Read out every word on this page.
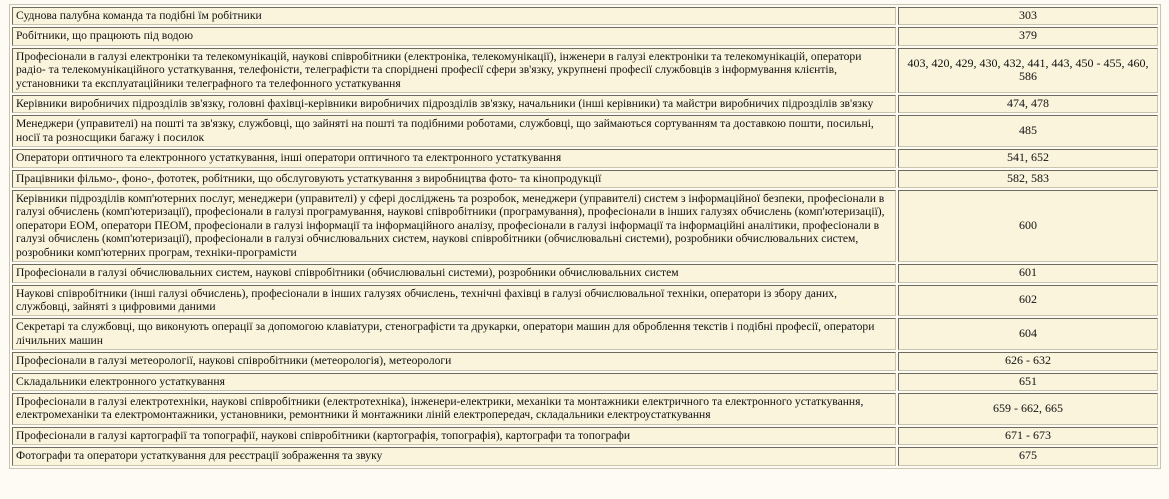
Суднова палубна команда та подібні їм робітники	303
Робітники, що працюють під водою	379
Професіонали в галузі електроніки та телекомунікацій, наукові співробітники (електроніка, телекомунікації), інженери в галузі електроніки та телекомунікацій, оператори радіо- та телекомунікаційного устаткування, телефоністи, телеграфісти та споріднені професії сфери зв'язку, укрупнені професії службовців з інформування клієнтів, установники та експлуатаційники телеграфного та телефонного устаткування	403, 420, 429, 430, 432, 441, 443, 450 - 455, 460, 586
Керівники виробничих підрозділів зв'язку, головні фахівці-керівники виробничих підрозділів зв'язку, начальники (інші керівники) та майстри виробничих підрозділів зв'язку	474, 478
Менеджери (управителі) на пошті та зв'язку, службовці, що зайняті на пошті та подібними роботами, службовці, що займаються сортуванням та доставкою пошти, посильні, носії та розносщики багажу і посилок	485
Оператори оптичного та електронного устаткування, інші оператори оптичного та електронного устаткування	541, 652
Працівники фільмо-, фоно-, фототек, робітники, що обслуговують устаткування з виробництва фото- та кінопродукції	582, 583
Керівники підрозділів комп'ютерних послуг, менеджери (управителі) у сфері досліджень та розробок, менеджери (управителі) систем з інформаційної безпеки, професіонали в галузі обчислень (комп'ютеризації), професіонали в галузі програмування, наукові співробітники (програмування), професіонали в інших галузях обчислень (комп'ютеризації), оператори ЕОМ, оператори ПЕОМ, професіонали в галузі інформації та інформаційного аналізу, професіонали в галузі інформації та інформаційні аналітики, професіонали в галузі обчислень (комп'ютеризації), професіонали в галузі обчислювальних систем, наукові співробітники (обчислювальні системи), розробники обчислювальних систем, розробники комп'ютерних програм, техніки-програмісти	600
Професіонали в галузі обчислювальних систем, наукові співробітники (обчислювальні системи), розробники обчислювальних систем	601
Наукові співробітники (інші галузі обчислень), професіонали в інших галузях обчислень, технічні фахівці в галузі обчислювальної техніки, оператори із збору даних, службовці, зайняті з цифровими даними	602
Секретарі та службовці, що виконують операції за допомогою клавіатури, стенографісти та друкарки, оператори машин для оброблення текстів і подібні професії, оператори лічильних машин	604
Професіонали в галузі метеорології, наукові співробітники (метеорологія), метеорологи	626 - 632
Складальники електронного устаткування	651
Професіонали в галузі електротехніки, наукові співробітники (електротехніка), інженери-електрики, механіки та монтажники електричного та електронного устаткування, електромеханіки та електромонтажники, установники, ремонтники й монтажники ліній електропередач, складальники електроустаткування	659 - 662, 665
Професіонали в галузі картографії та топографії, наукові співробітники (картографія, топографія), картографи та топографи	671 - 673
Фотографи та оператори устаткування для реєстрації зображення та звуку	675
